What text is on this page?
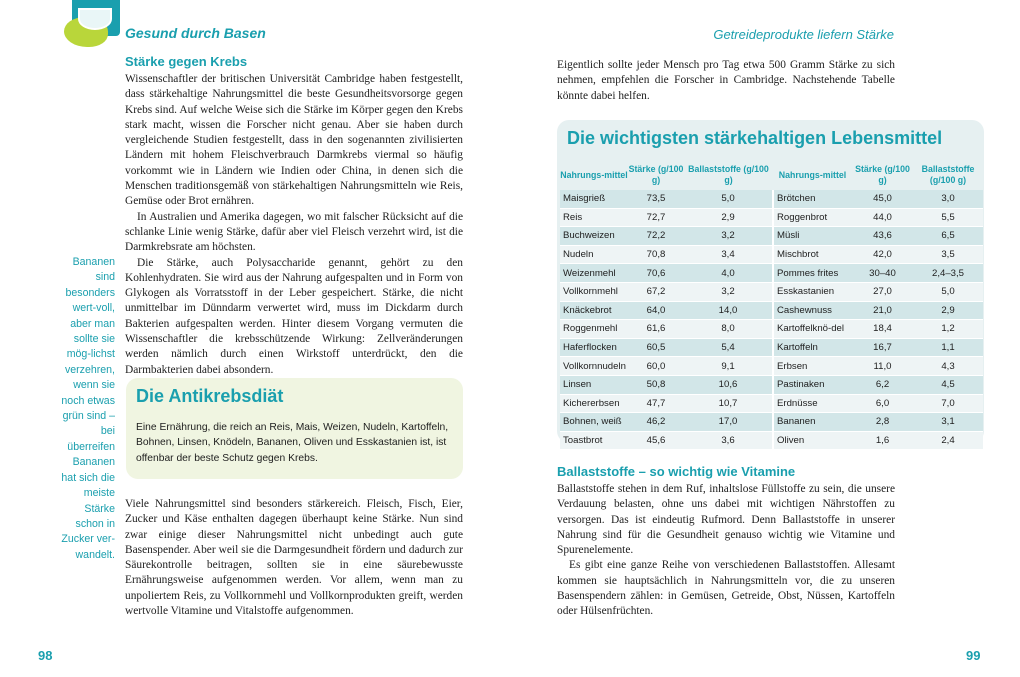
Gesund durch Basen	Getreideprodukte liefern Stärke
Stärke gegen Krebs

Wissenschaftler der britischen Universität Cambridge haben festgestellt, dass stärkehaltige Nahrungsmittel die beste Gesundheitsvorsorge gegen Krebs sind. Auf welche Weise sich die Stärke im Körper gegen den Krebs stark macht, wissen die Forscher nicht genau. Aber sie haben durch vergleichende Studien festgestellt, dass in den sogenannten zivilisierten Ländern mit hohem Fleischverbrauch Darmkrebs viermal so häufig vorkommt wie in Ländern wie Indien oder China, in denen sich die Menschen traditionsgemäß von stärkehaltigen Nahrungsmitteln wie Reis, Gemüse oder Brot ernähren.

In Australien und Amerika dagegen, wo mit falscher Rücksicht auf die schlanke Linie wenig Stärke, dafür aber viel Fleisch verzehrt wird, ist die Darmkrebsrate am höchsten.

Die Stärke, auch Polysaccharide genannt, gehört zu den Kohlenhydraten. Sie wird aus der Nahrung aufgespalten und in Form von Glykogen als Vorratsstoff in der Leber gespeichert. Stärke, die nicht unmittelbar im Dünndarm verwertet wird, muss im Dickdarm durch Bakterien aufgespalten werden. Hinter diesem Vorgang vermuten die Wissenschaftler die krebsschützende Wirkung: Zellveränderungen werden nämlich durch einen Wirkstoff unterdrückt, den die Darmbakterien dabei absondern.

Bananen sind besonders wert-voll, aber man sollte sie mög-lichst verzehren, wenn sie noch etwas grün sind – bei überreifen Bananen hat sich die meiste Stärke schon in Zucker ver-wandelt.
Die Antikrebsdiät
Eine Ernährung, die reich an Reis, Mais, Weizen, Nudeln, Kartoffeln, Bohnen, Linsen, Knödeln, Bananen, Oliven und Esskastanien ist, ist offenbar der beste Schutz gegen Krebs.

Viele Nahrungsmittel sind besonders stärkereich. Fleisch, Fisch, Eier, Zucker und Käse enthalten dagegen überhaupt keine Stärke. Nun sind zwar einige dieser Nahrungsmittel nicht unbedingt auch gute Basenspender. Aber weil sie die Darmgesundheit fördern und dadurch zur Säurekontrolle beitragen, sollten sie in eine säurebewusste Ernährungsweise aufgenommen werden. Vor allem, wenn man zu unpoliertem Reis, zu Vollkornmehl und Vollkornprodukten greift, werden wertvolle Vitamine und Vitalstoffe aufgenommen.

98

Eigentlich sollte jeder Mensch pro Tag etwa 500 Gramm Stärke zu sich nehmen, empfehlen die Forscher in Cambridge. Nachstehende Tabelle könnte dabei helfen.

Die wichtigsten stärkehaltigen Lebensmittel
Nahrungs-mittel	Stärke (g/100 g)	Ballaststoffe (g/100 g)	Nahrungs-mittel	Stärke (g/100 g)	Ballaststoffe (g/100 g)
Maisgrieß	73,5	5,0	Brötchen	45,0	3,0
Reis	72,7	2,9	Roggenbrot	44,0	5,5
Buchweizen	72,2	3,2	Müsli	43,6	6,5
Nudeln	70,8	3,4	Mischbrot	42,0	3,5
Weizenmehl	70,6	4,0	Pommes frites	30–40	2,4–3,5
Vollkornmehl	67,2	3,2	Esskastanien	27,0	5,0
Knäckebrot	64,0	14,0	Cashewnuss	21,0	2,9
Roggenmehl	61,6	8,0	Kartoffelknö-del	18,4	1,2
Haferflocken	60,5	5,4	Kartoffeln	16,7	1,1
Vollkornnudeln	60,0	9,1	Erbsen	11,0	4,3
Linsen	50,8	10,6	Pastinaken	6,2	4,5
Kichererbsen	47,7	10,7	Erdnüsse	6,0	7,0
Bohnen, weiß	46,2	17,0	Bananen	2,8	3,1
Toastbrot	45,6	3,6	Oliven	1,6	2,4
Ballaststoffe – so wichtig wie Vitamine

Ballaststoffe stehen in dem Ruf, inhaltslose Füllstoffe zu sein, die unsere Verdauung belasten, ohne uns dabei mit wichtigen Nährstoffen zu versorgen. Das ist eindeutig Rufmord. Denn Ballaststoffe in unserer Nahrung sind für die Gesundheit genauso wichtig wie Vitamine und Spurenelemente.

Es gibt eine ganze Reihe von verschiedenen Ballaststoffen. Allesamt kommen sie hauptsächlich in Nahrungsmitteln vor, die zu unseren Basenspendern zählen: in Gemüsen, Getreide, Obst, Nüssen, Kartoffeln oder Hülsenfrüchten.

99
